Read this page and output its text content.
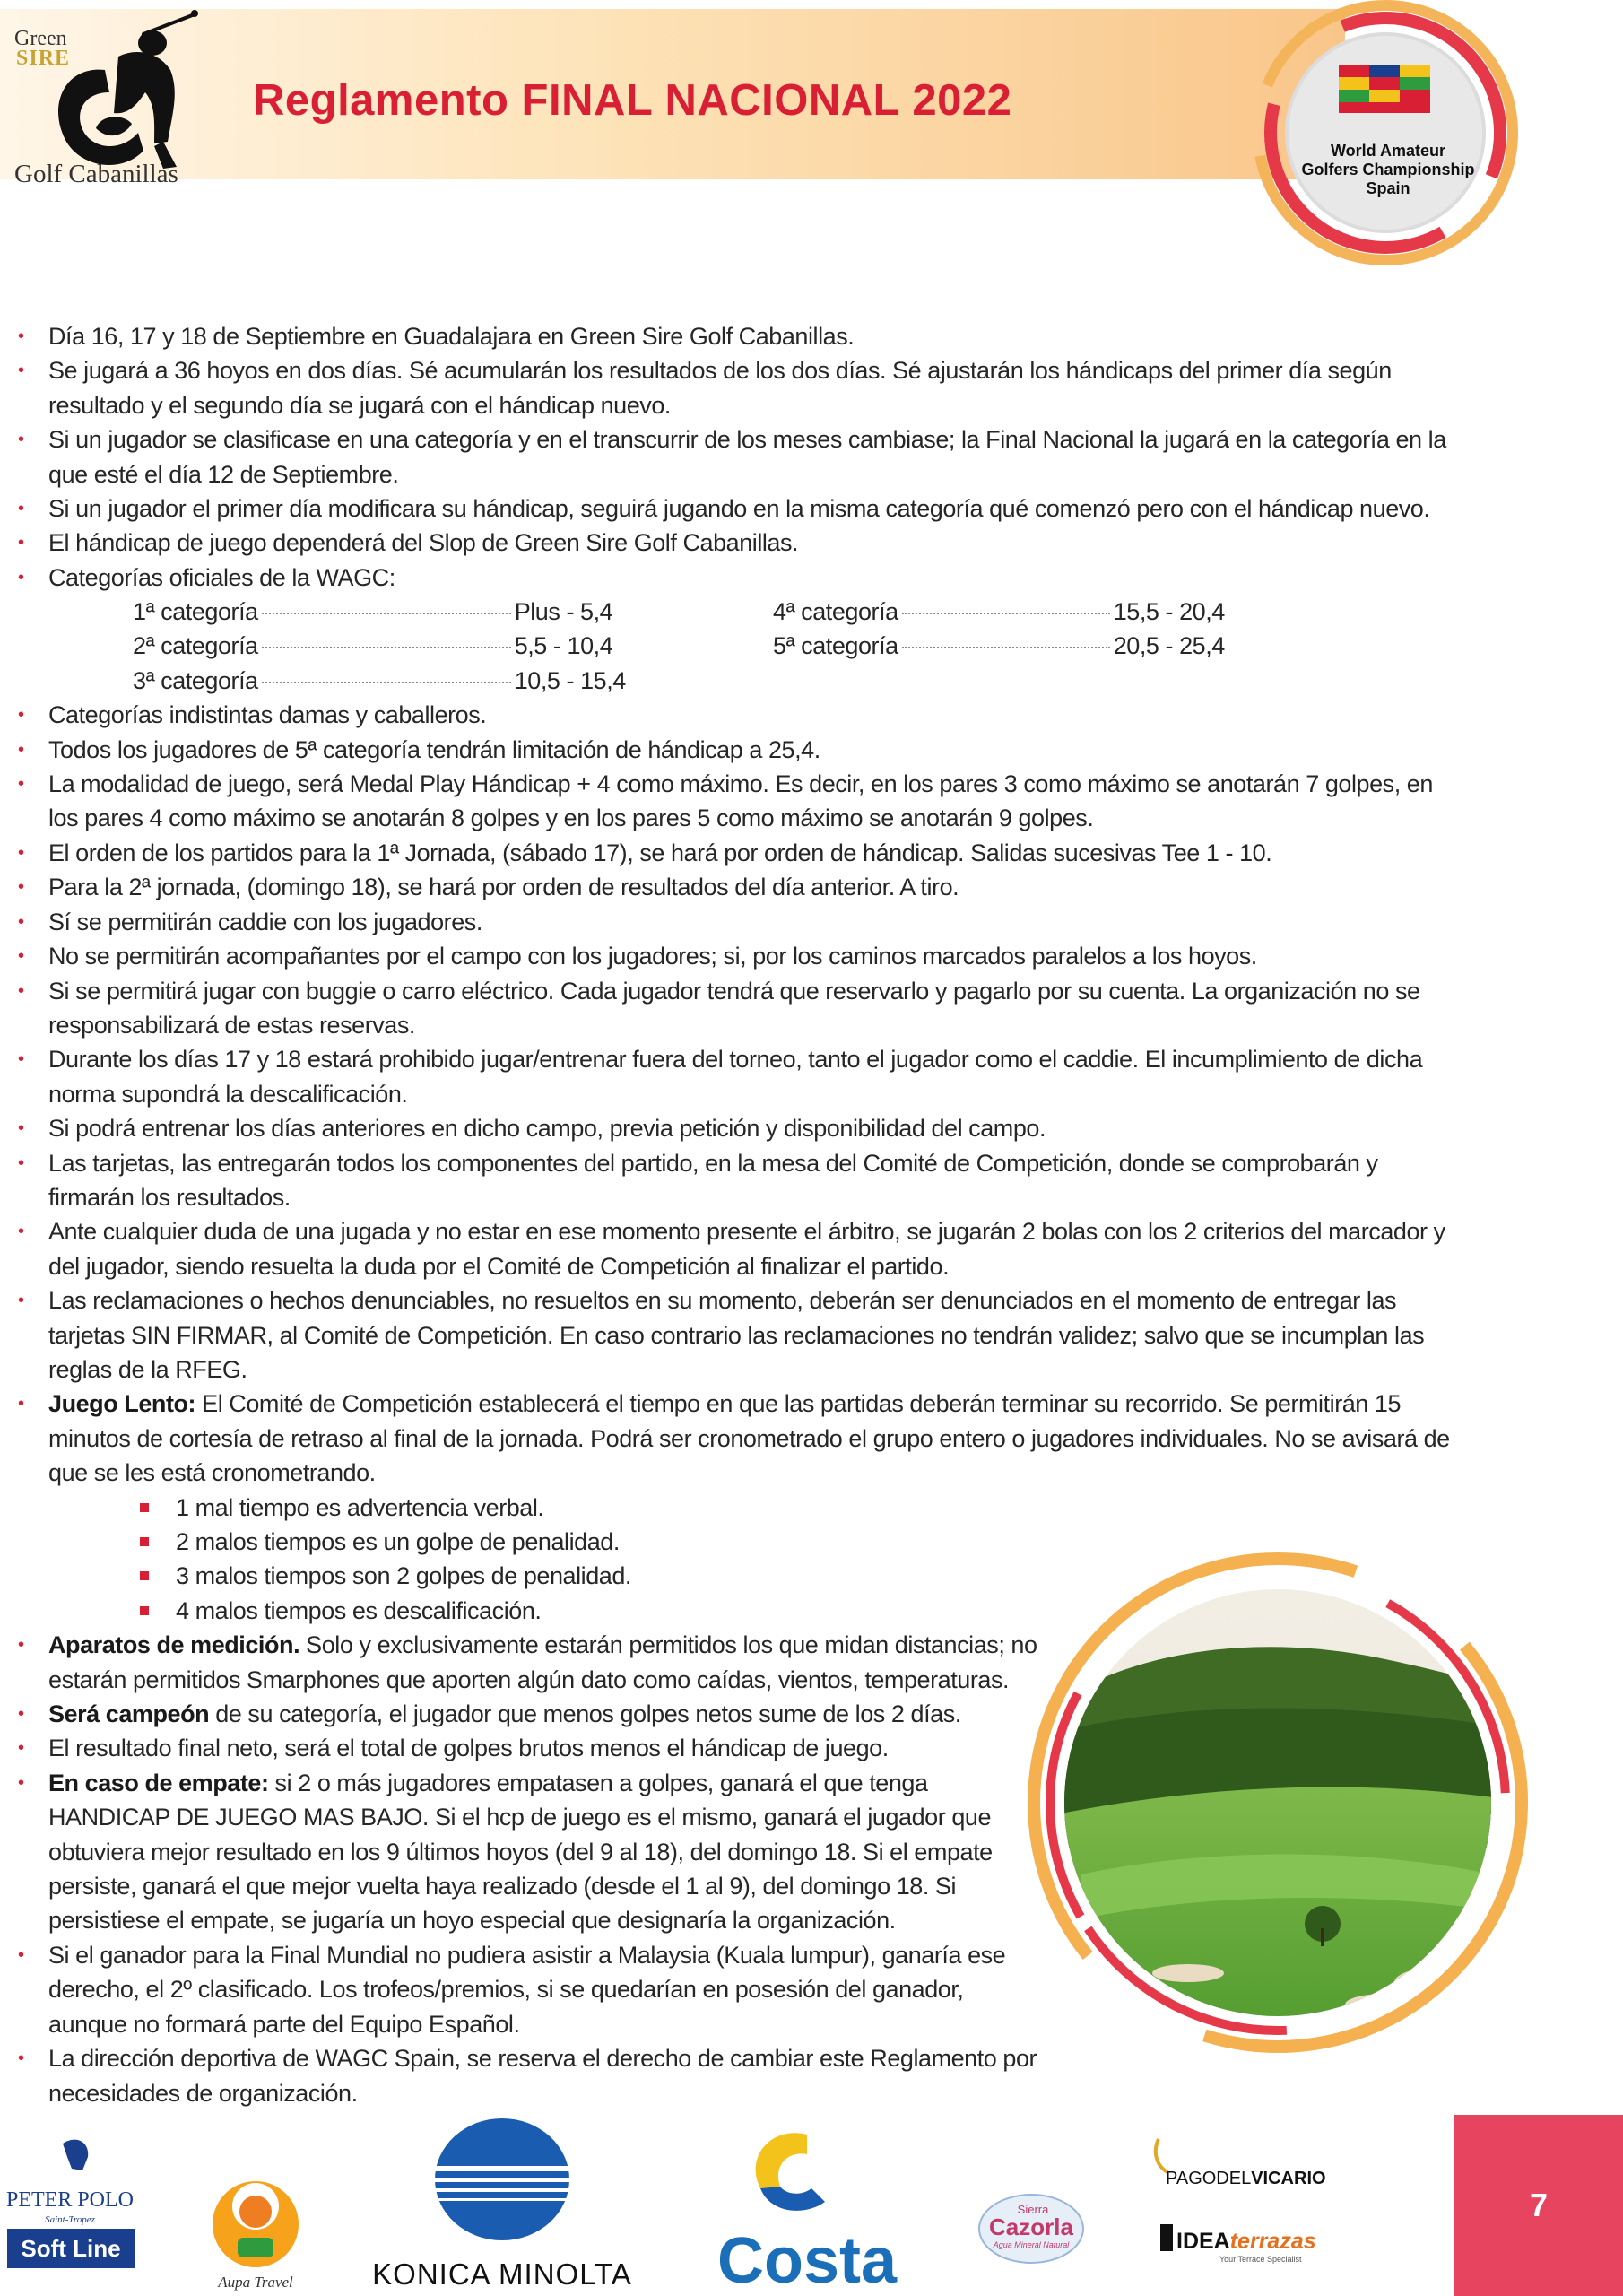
Green
SIRE
Golf Cabanillas
Reglamento FINAL NACIONAL 2022
World Amateur
Golfers Championship
Spain
• Día 16, 17 y 18 de Septiembre en Guadalajara en Green Sire Golf Cabanillas.
• Se jugará a 36 hoyos en dos días. Sé acumularán los resultados de los dos días. Sé ajustarán los hándicaps del primer día según resultado y el segundo día se jugará con el hándicap nuevo.
• Si un jugador se clasificase en una categoría y en el transcurrir de los meses cambiase; la Final Nacional la jugará en la categoría en la que esté el día 12 de Septiembre.
• Si un jugador el primer día modificara su hándicap, seguirá jugando en la misma categoría qué comenzó pero con el hándicap nuevo.
• El hándicap de juego dependerá del Slop de Green Sire Golf Cabanillas.
• Categorías oficiales de la WAGC:
1ª categoría	Plus - 5,4
2ª categoría	5,5 - 10,4
3ª categoría	10,5 - 15,4
4ª categoría	15,5 - 20,4
5ª categoría	20,5 - 25,4
• Categorías indistintas damas y caballeros.
• Todos los jugadores de 5ª categoría tendrán limitación de hándicap a 25,4.
• La modalidad de juego, será Medal Play Hándicap + 4 como máximo. Es decir, en los pares 3 como máximo se anotarán 7 golpes, en los pares 4 como máximo se anotarán 8 golpes y en los pares 5 como máximo se anotarán 9 golpes.
• El orden de los partidos para la 1ª Jornada, (sábado 17), se hará por orden de hándicap. Salidas sucesivas Tee 1 - 10.
• Para la 2ª jornada, (domingo 18), se hará por orden de resultados del día anterior. A tiro.
• Sí se permitirán caddie con los jugadores.
• No se permitirán acompañantes por el campo con los jugadores; si, por los caminos marcados paralelos a los hoyos.
• Si se permitirá jugar con buggie o carro eléctrico. Cada jugador tendrá que reservarlo y pagarlo por su cuenta. La organización no se responsabilizará de estas reservas.
• Durante los días 17 y 18 estará prohibido jugar/entrenar fuera del torneo, tanto el jugador como el caddie. El incumplimiento de dicha norma supondrá la descalificación.
• Si podrá entrenar los días anteriores en dicho campo, previa petición y disponibilidad del campo.
• Las tarjetas, las entregarán todos los componentes del partido, en la mesa del Comité de Competición, donde se comprobarán y firmarán los resultados.
• Ante cualquier duda de una jugada y no estar en ese momento presente el árbitro, se jugarán 2 bolas con los 2 criterios del marcador y del jugador, siendo resuelta la duda por el Comité de Competición al finalizar el partido.
• Las reclamaciones o hechos denunciables, no resueltos en su momento, deberán ser denunciados en el momento de entregar las tarjetas SIN FIRMAR, al Comité de Competición. En caso contrario las reclamaciones no tendrán validez; salvo que se incumplan las reglas de la RFEG.
• Juego Lento: El Comité de Competición establecerá el tiempo en que las partidas deberán terminar su recorrido. Se permitirán 15 minutos de cortesía de retraso al final de la jornada. Podrá ser cronometrado el grupo entero o jugadores individuales. No se avisará de que se les está cronometrando.
1 mal tiempo es advertencia verbal.
2 malos tiempos es un golpe de penalidad.
3 malos tiempos son 2 golpes de penalidad.
4 malos tiempos es descalificación.
• Aparatos de medición. Solo y exclusivamente estarán permitidos los que midan distancias; no estarán permitidos Smarphones que aporten algún dato como caídas, vientos, temperaturas.
• Será campeón de su categoría, el jugador que menos golpes netos sume de los 2 días.
• El resultado final neto, será el total de golpes brutos menos el hándicap de juego.
• En caso de empate: si 2 o más jugadores empatasen a golpes, ganará el que tenga HANDICAP DE JUEGO MAS BAJO. Si el hcp de juego es el mismo, ganará el jugador que obtuviera mejor resultado en los 9 últimos hoyos (del 9 al 18), del domingo 18. Si el empate persiste, ganará el que mejor vuelta haya realizado (desde el 1 al 9), del domingo 18. Si persistiese el empate, se jugaría un hoyo especial que designaría la organización.
• Si el ganador para la Final Mundial no pudiera asistir a Malaysia (Kuala lumpur), ganaría ese derecho, el 2º clasificado. Los trofeos/premios, si se quedarían en posesión del ganador, aunque no formará parte del Equipo Español.
• La dirección deportiva de WAGC Spain, se reserva el derecho de cambiar este Reglamento por necesidades de organización.
PETER POLO
Saint-Tropez
Soft Line
Aupa Travel	KONICA MINOLTA Costa
Sierra
Cazorla
Agua Mineral Natural
PAGODELVICARIO
IDEAterrazas
Your Terrace Specialist
7
